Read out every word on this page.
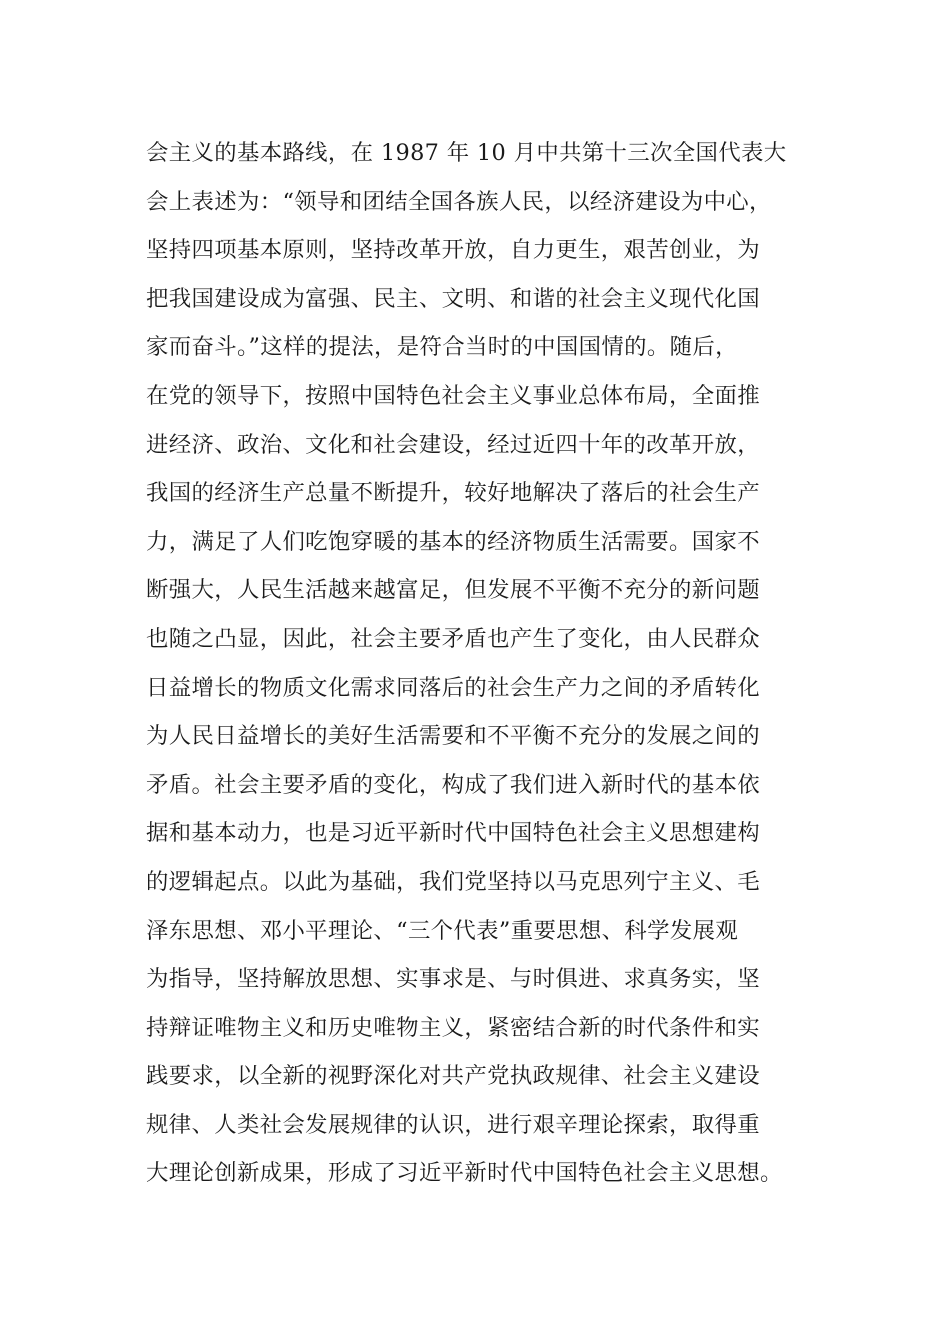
会主义的基本路线，在 1987 年 10 月中共第十三次全国代表大
会上表述为：“领导和团结全国各族人民，以经济建设为中心，
坚持四项基本原则，坚持改革开放，自力更生，艰苦创业，为
把我国建设成为富强、民主、文明、和谐的社会主义现代化国
家而奋斗。”这样的提法，是符合当时的中国国情的。随后，
在党的领导下，按照中国特色社会主义事业总体布局，全面推
进经济、政治、文化和社会建设，经过近四十年的改革开放，
我国的经济生产总量不断提升，较好地解决了落后的社会生产
力，满足了人们吃饱穿暖的基本的经济物质生活需要。国家不
断强大，人民生活越来越富足，但发展不平衡不充分的新问题
也随之凸显，因此，社会主要矛盾也产生了变化，由人民群众
日益增长的物质文化需求同落后的社会生产力之间的矛盾转化
为人民日益增长的美好生活需要和不平衡不充分的发展之间的
矛盾。社会主要矛盾的变化，构成了我们进入新时代的基本依
据和基本动力，也是习近平新时代中国特色社会主义思想建构
的逻辑起点。以此为基础，我们党坚持以马克思列宁主义、毛
泽东思想、邓小平理论、“三个代表”重要思想、科学发展观
为指导，坚持解放思想、实事求是、与时俱进、求真务实，坚
持辩证唯物主义和历史唯物主义，紧密结合新的时代条件和实
践要求，以全新的视野深化对共产党执政规律、社会主义建设
规律、人类社会发展规律的认识，进行艰辛理论探索，取得重
大理论创新成果，形成了习近平新时代中国特色社会主义思想。
